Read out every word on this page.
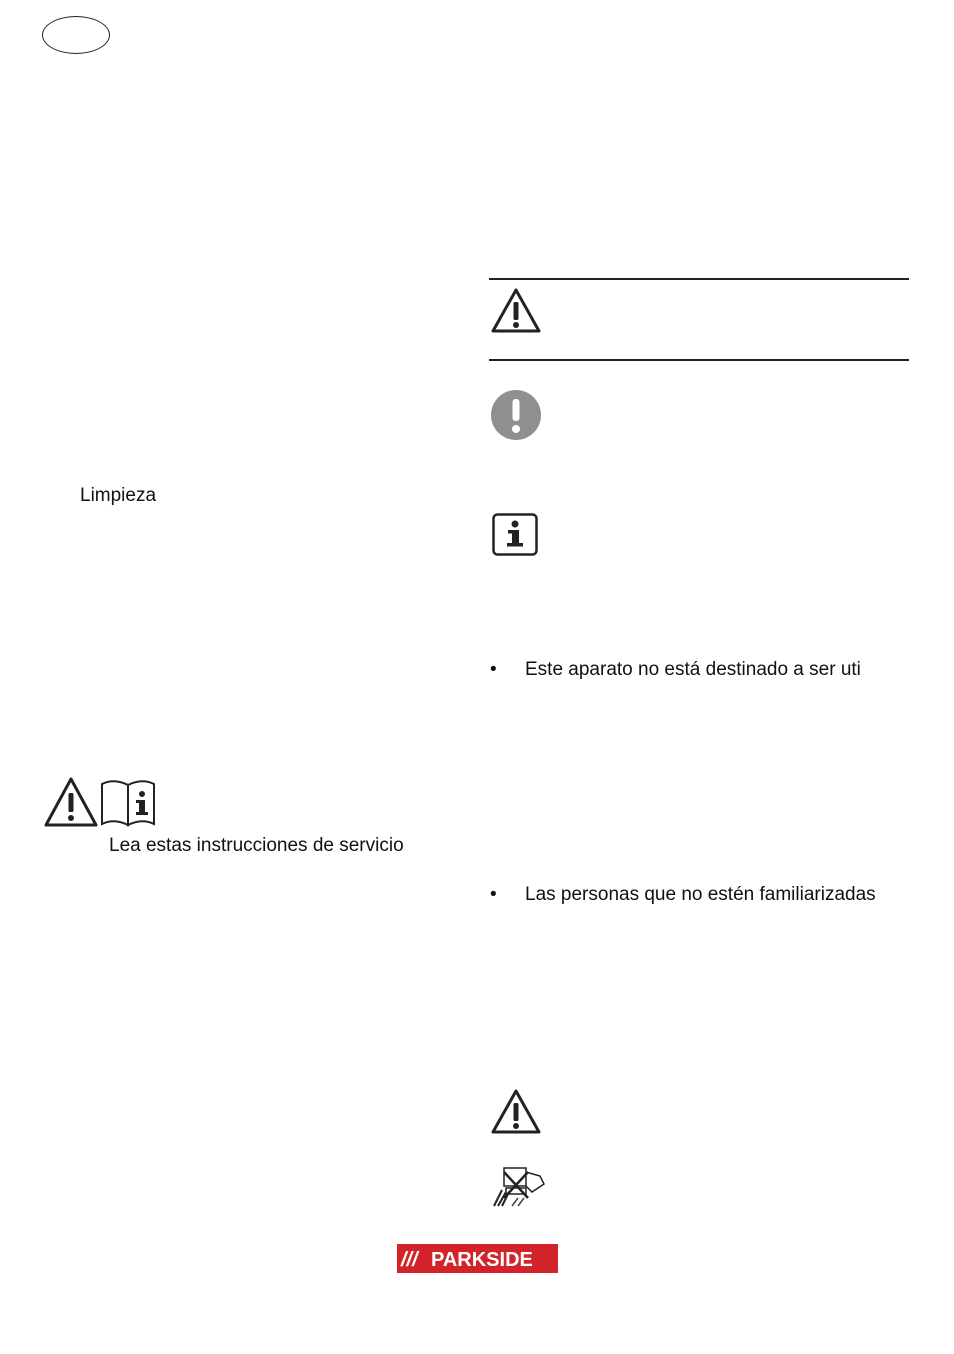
Limpieza
Lea estas instrucciones de servicio
• Este aparato no está destinado a ser uti
• Las personas que no estén familiarizadas
/// PARKSIDE
